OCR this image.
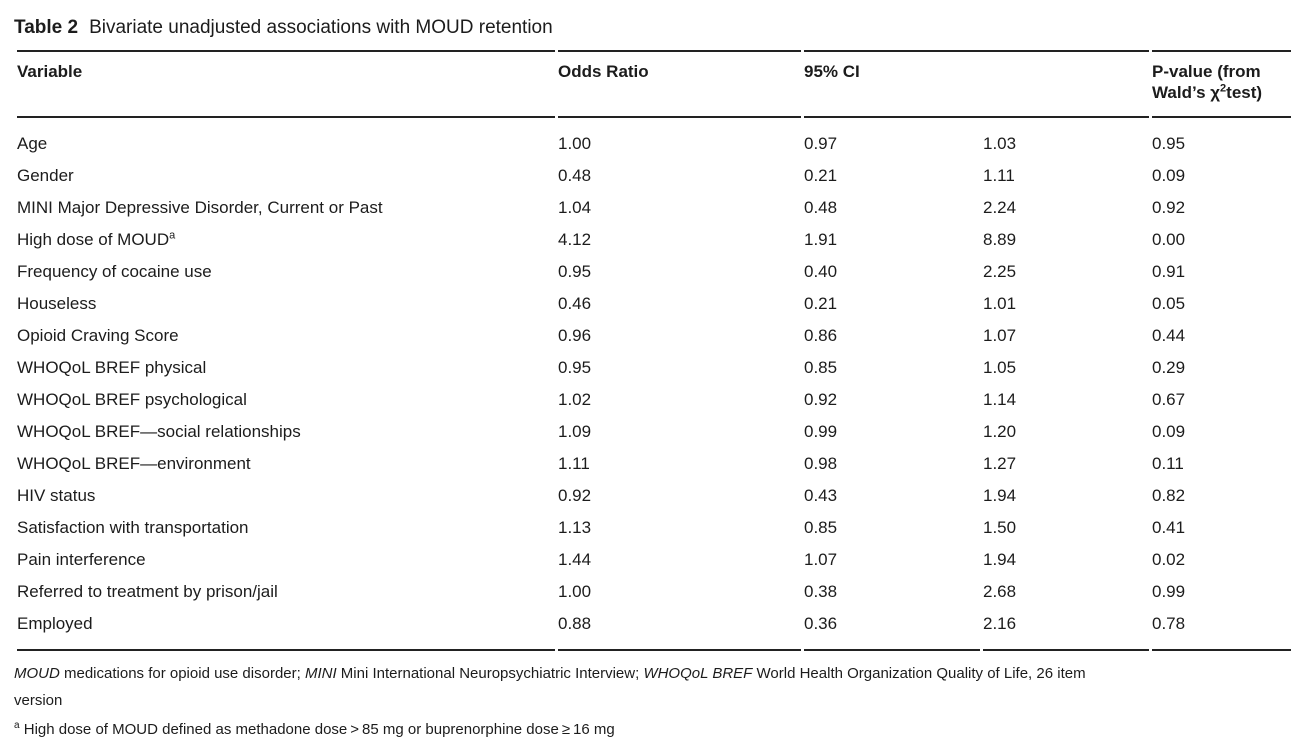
Table 2 Bivariate unadjusted associations with MOUD retention
Variable	Odds Ratio	95% CI		P-value (from
Wald’s $\chi^2test$)
Age	1.00	0.97	1.03	0.95
Gender	0.48	0.21	1.11	0.09
MINI Major Depressive Disorder, Current or Past	1.04	0.48	2.24	0.92
High dose of MOUD$^a$	4.12	1.91	8.89	0.00
Frequency of cocaine use	0.95	0.40	2.25	0.91
Houseless	0.46	0.21	1.01	0.05
Opioid Craving Score	0.96	0.86	1.07	0.44
WHOQoL BREF physical	0.95	0.85	1.05	0.29
WHOQoL BREF psychological	1.02	0.92	1.14	0.67
WHOQoL BREF—social relationships	1.09	0.99	1.20	0.09
WHOQoL BREF—environment	1.11	0.98	1.27	0.11
HIV status	0.92	0.43	1.94	0.82
Satisfaction with transportation	1.13	0.85	1.50	0.41
Pain interference	1.44	1.07	1.94	0.02
Referred to treatment by prison/jail	1.00	0.38	2.68	0.99
Employed	0.88	0.36	2.16	0.78
MOUD medications for opioid use disorder; MINI Mini International Neuropsychiatric Interview; WHOQoL BREF World Health Organization Quality of Life, 26 item
version
$^a$ High dose of MOUD defined as methadone dose > 85 mg or buprenorphine dose ≥ 16 mg
